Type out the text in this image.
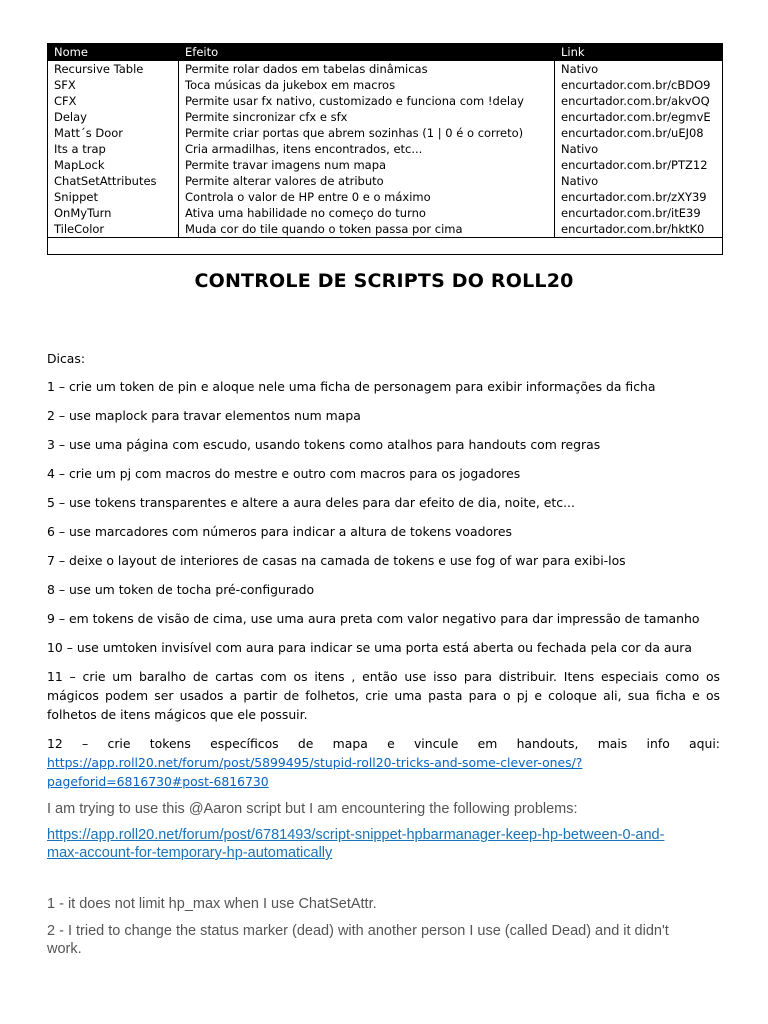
Nome	Efeito	Link
Recursive Table	Permite rolar dados em tabelas dinâmicas	Nativo
SFX	Toca músicas da jukebox em macros	encurtador.com.br/cBDO9
CFX	Permite usar fx nativo, customizado e funciona com !delay	encurtador.com.br/akvOQ
Delay	Permite sincronizar cfx e sfx	encurtador.com.br/egmvE
Matt´s Door	Permite criar portas que abrem sozinhas (1 | 0 é o correto)	encurtador.com.br/uEJ08
Its a trap	Cria armadilhas, itens encontrados, etc...	Nativo
MapLock	Permite travar imagens num mapa	encurtador.com.br/PTZ12
ChatSetAttributes	Permite alterar valores de atributo	Nativo
Snippet	Controla o valor de HP entre 0 e o máximo	encurtador.com.br/zXY39
OnMyTurn	Ativa uma habilidade no começo do turno	encurtador.com.br/itE39
TileColor	Muda cor do tile quando o token passa por cima	encurtador.com.br/hktK0

CONTROLE DE SCRIPTS DO ROLL20

Dicas:

1 – crie um token de pin e aloque nele uma ficha de personagem para exibir informações da ficha

2 – use maplock para travar elementos num mapa

3 – use uma página com escudo, usando tokens como atalhos para handouts com regras

4 – crie um pj com macros do mestre e outro com macros para os jogadores

5 – use tokens transparentes e altere a aura deles para dar efeito de dia, noite, etc...

6 – use marcadores com números para indicar a altura de tokens voadores

7 – deixe o layout de interiores de casas na camada de tokens e use fog of war para exibi-los

8 – use um token de tocha pré-configurado

9 – em tokens de visão de cima, use uma aura preta com valor negativo para dar impressão de tamanho

10 – use umtoken invisível com aura para indicar se uma porta está aberta ou fechada pela cor da aura

11 – crie um baralho de cartas com os itens , então use isso para distribuir. Itens especiais como os

mágicos podem ser usados a partir de folhetos, crie uma pasta para o pj e coloque ali, sua ficha e os

folhetos de itens mágicos que ele possuir.

12 – crie tokens específicos de mapa e vincule em handouts, mais info aqui:

https://app.roll20.net/forum/post/5899495/stupid-roll20-tricks-and-some-clever-ones/?

pageforid=6816730#post-6816730

I am trying to use this @Aaron script but I am encountering the following problems:

https://app.roll20.net/forum/post/6781493/script-snippet-hpbarmanager-keep-hp-between-0-and-
max-account-for-temporary-hp-automatically

1 - it does not limit hp_max when I use ChatSetAttr.

2 - I tried to change the status marker (dead) with another person I use (called Dead) and it didn't
work.
